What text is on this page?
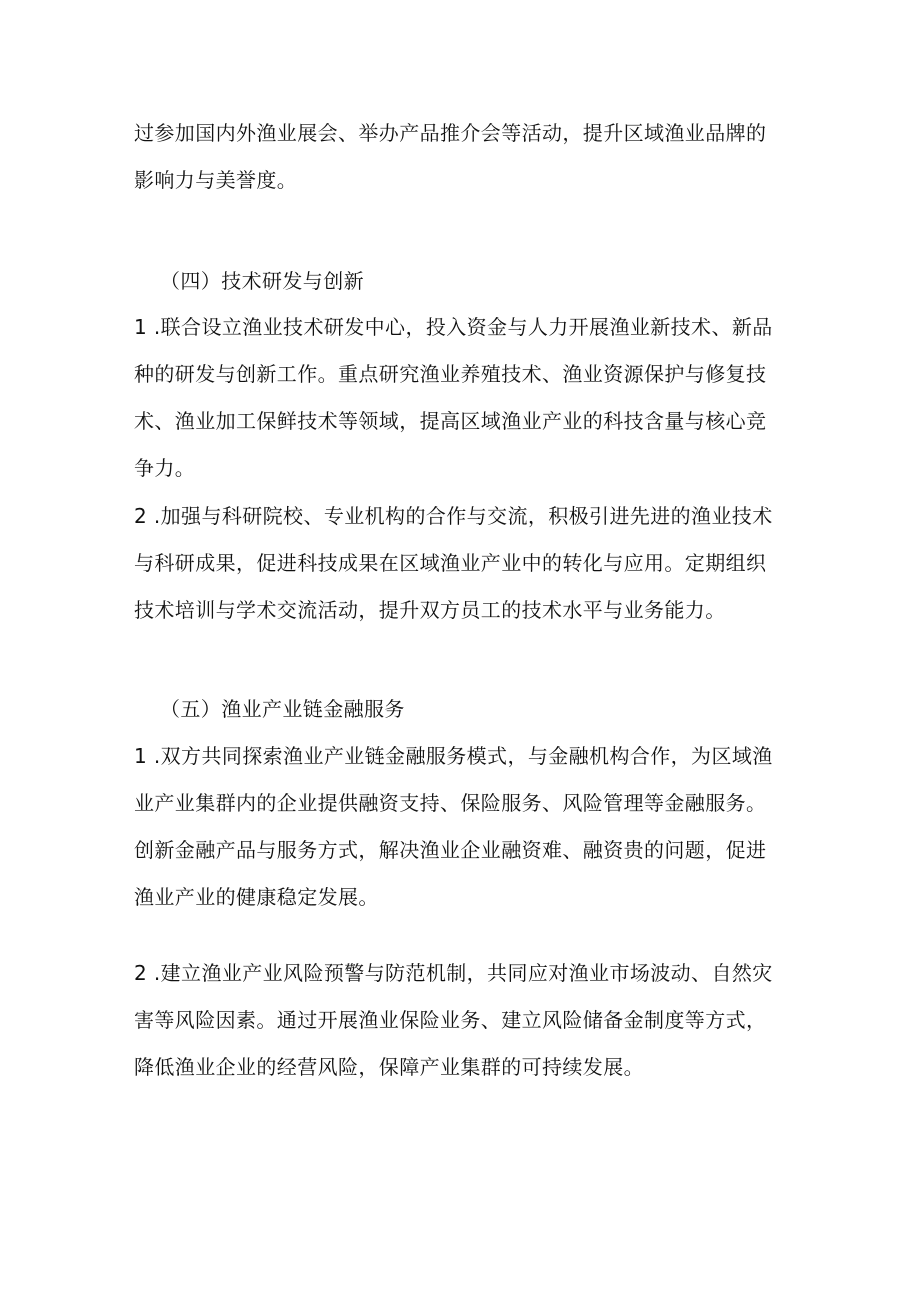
过参加国内外渔业展会、举办产品推介会等活动，提升区域渔业品牌的
影响力与美誉度。
（四）技术研发与创新
1 .联合设立渔业技术研发中心，投入资金与人力开展渔业新技术、新品
种的研发与创新工作。重点研究渔业养殖技术、渔业资源保护与修复技
术、渔业加工保鲜技术等领域，提高区域渔业产业的科技含量与核心竞
争力。
2 .加强与科研院校、专业机构的合作与交流，积极引进先进的渔业技术
与科研成果，促进科技成果在区域渔业产业中的转化与应用。定期组织
技术培训与学术交流活动，提升双方员工的技术水平与业务能力。
（五）渔业产业链金融服务
1 .双方共同探索渔业产业链金融服务模式，与金融机构合作，为区域渔
业产业集群内的企业提供融资支持、保险服务、风险管理等金融服务。
创新金融产品与服务方式，解决渔业企业融资难、融资贵的问题，促进
渔业产业的健康稳定发展。
2 .建立渔业产业风险预警与防范机制，共同应对渔业市场波动、自然灾
害等风险因素。通过开展渔业保险业务、建立风险储备金制度等方式，
降低渔业企业的经营风险，保障产业集群的可持续发展。
